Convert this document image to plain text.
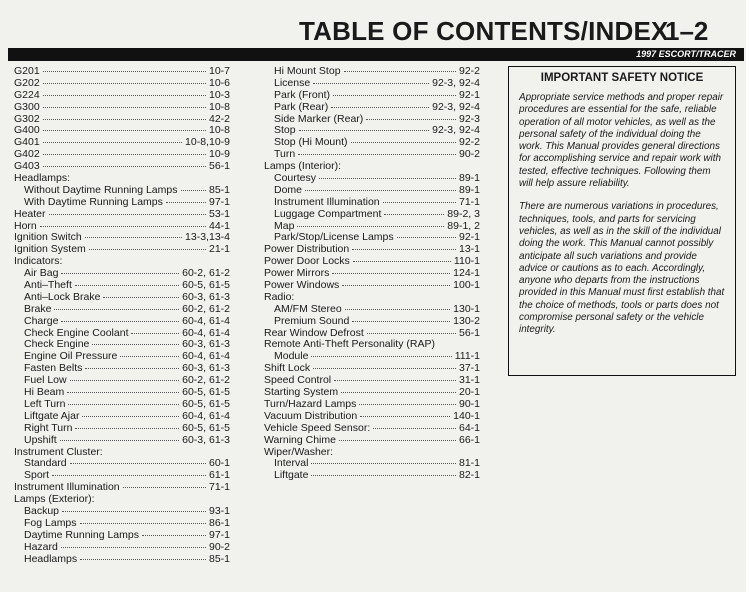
TABLE OF CONTENTS/INDEX
1–2
1997 ESCORT/TRACER
G201	10-7
G202	10-6
G224	10-3
G300	10-8
G302	42-2
G400	10-8
G401	10-8,10-9
G402	10-9
G403	56-1
Headlamps:
Without Daytime Running Lamps	85-1
With Daytime Running Lamps	97-1
Heater	53-1
Horn	44-1
Ignition Switch	13-3,13-4
Ignition System	21-1
Indicators:
Air Bag	60-2, 61-2
Anti–Theft	60-5, 61-5
Anti–Lock Brake	60-3, 61-3
Brake	60-2, 61-2
Charge	60-4, 61-4
Check Engine Coolant	60-4, 61-4
Check Engine	60-3, 61-3
Engine Oil Pressure	60-4, 61-4
Fasten Belts	60-3, 61-3
Fuel Low	60-2, 61-2
Hi Beam	60-5, 61-5
Left Turn	60-5, 61-5
Liftgate Ajar	60-4, 61-4
Right Turn	60-5, 61-5
Upshift	60-3, 61-3
Instrument Cluster:
Standard	60-1
Sport	61-1
Instrument Illumination	71-1
Lamps (Exterior):
Backup	93-1
Fog Lamps	86-1
Daytime Running Lamps	97-1
Hazard	90-2
Headlamps	85-1
Hi Mount Stop	92-2
License	92-3, 92-4
Park (Front)	92-1
Park (Rear)	92-3, 92-4
Side Marker (Rear)	92-3
Stop	92-3, 92-4
Stop (Hi Mount)	92-2
Turn	90-2
Lamps (Interior):
Courtesy	89-1
Dome	89-1
Instrument Illumination	71-1
Luggage Compartment	89-2, 3
Map	89-1, 2
Park/Stop/License Lamps	92-1
Power Distribution	13-1
Power Door Locks	110-1
Power Mirrors	124-1
Power Windows	100-1
Radio:
AM/FM Stereo	130-1
Premium Sound	130-2
Rear Window Defrost	56-1
Remote Anti-Theft Personality (RAP)
Module	111-1
Shift Lock	37-1
Speed Control	31-1
Starting System	20-1
Turn/Hazard Lamps	90-1
Vacuum Distribution	140-1
Vehicle Speed Sensor:	64-1
Warning Chime	66-1
Wiper/Washer:
Interval	81-1
Liftgate	82-1
IMPORTANT SAFETY NOTICE

Appropriate service methods and proper repair procedures are essential for the safe, reliable operation of all motor vehicles, as well as the personal safety of the individual doing the work. This Manual provides general directions for accomplishing service and repair work with tested, effective techniques. Following them will help assure reliability.

There are numerous variations in procedures, techniques, tools, and parts for servicing vehicles, as well as in the skill of the individual doing the work. This Manual cannot possibly anticipate all such variations and provide advice or cautions as to each. Accordingly, anyone who departs from the instructions provided in this Manual must first establish that the choice of methods, tools or parts does not compromise personal safety or the vehicle integrity.
